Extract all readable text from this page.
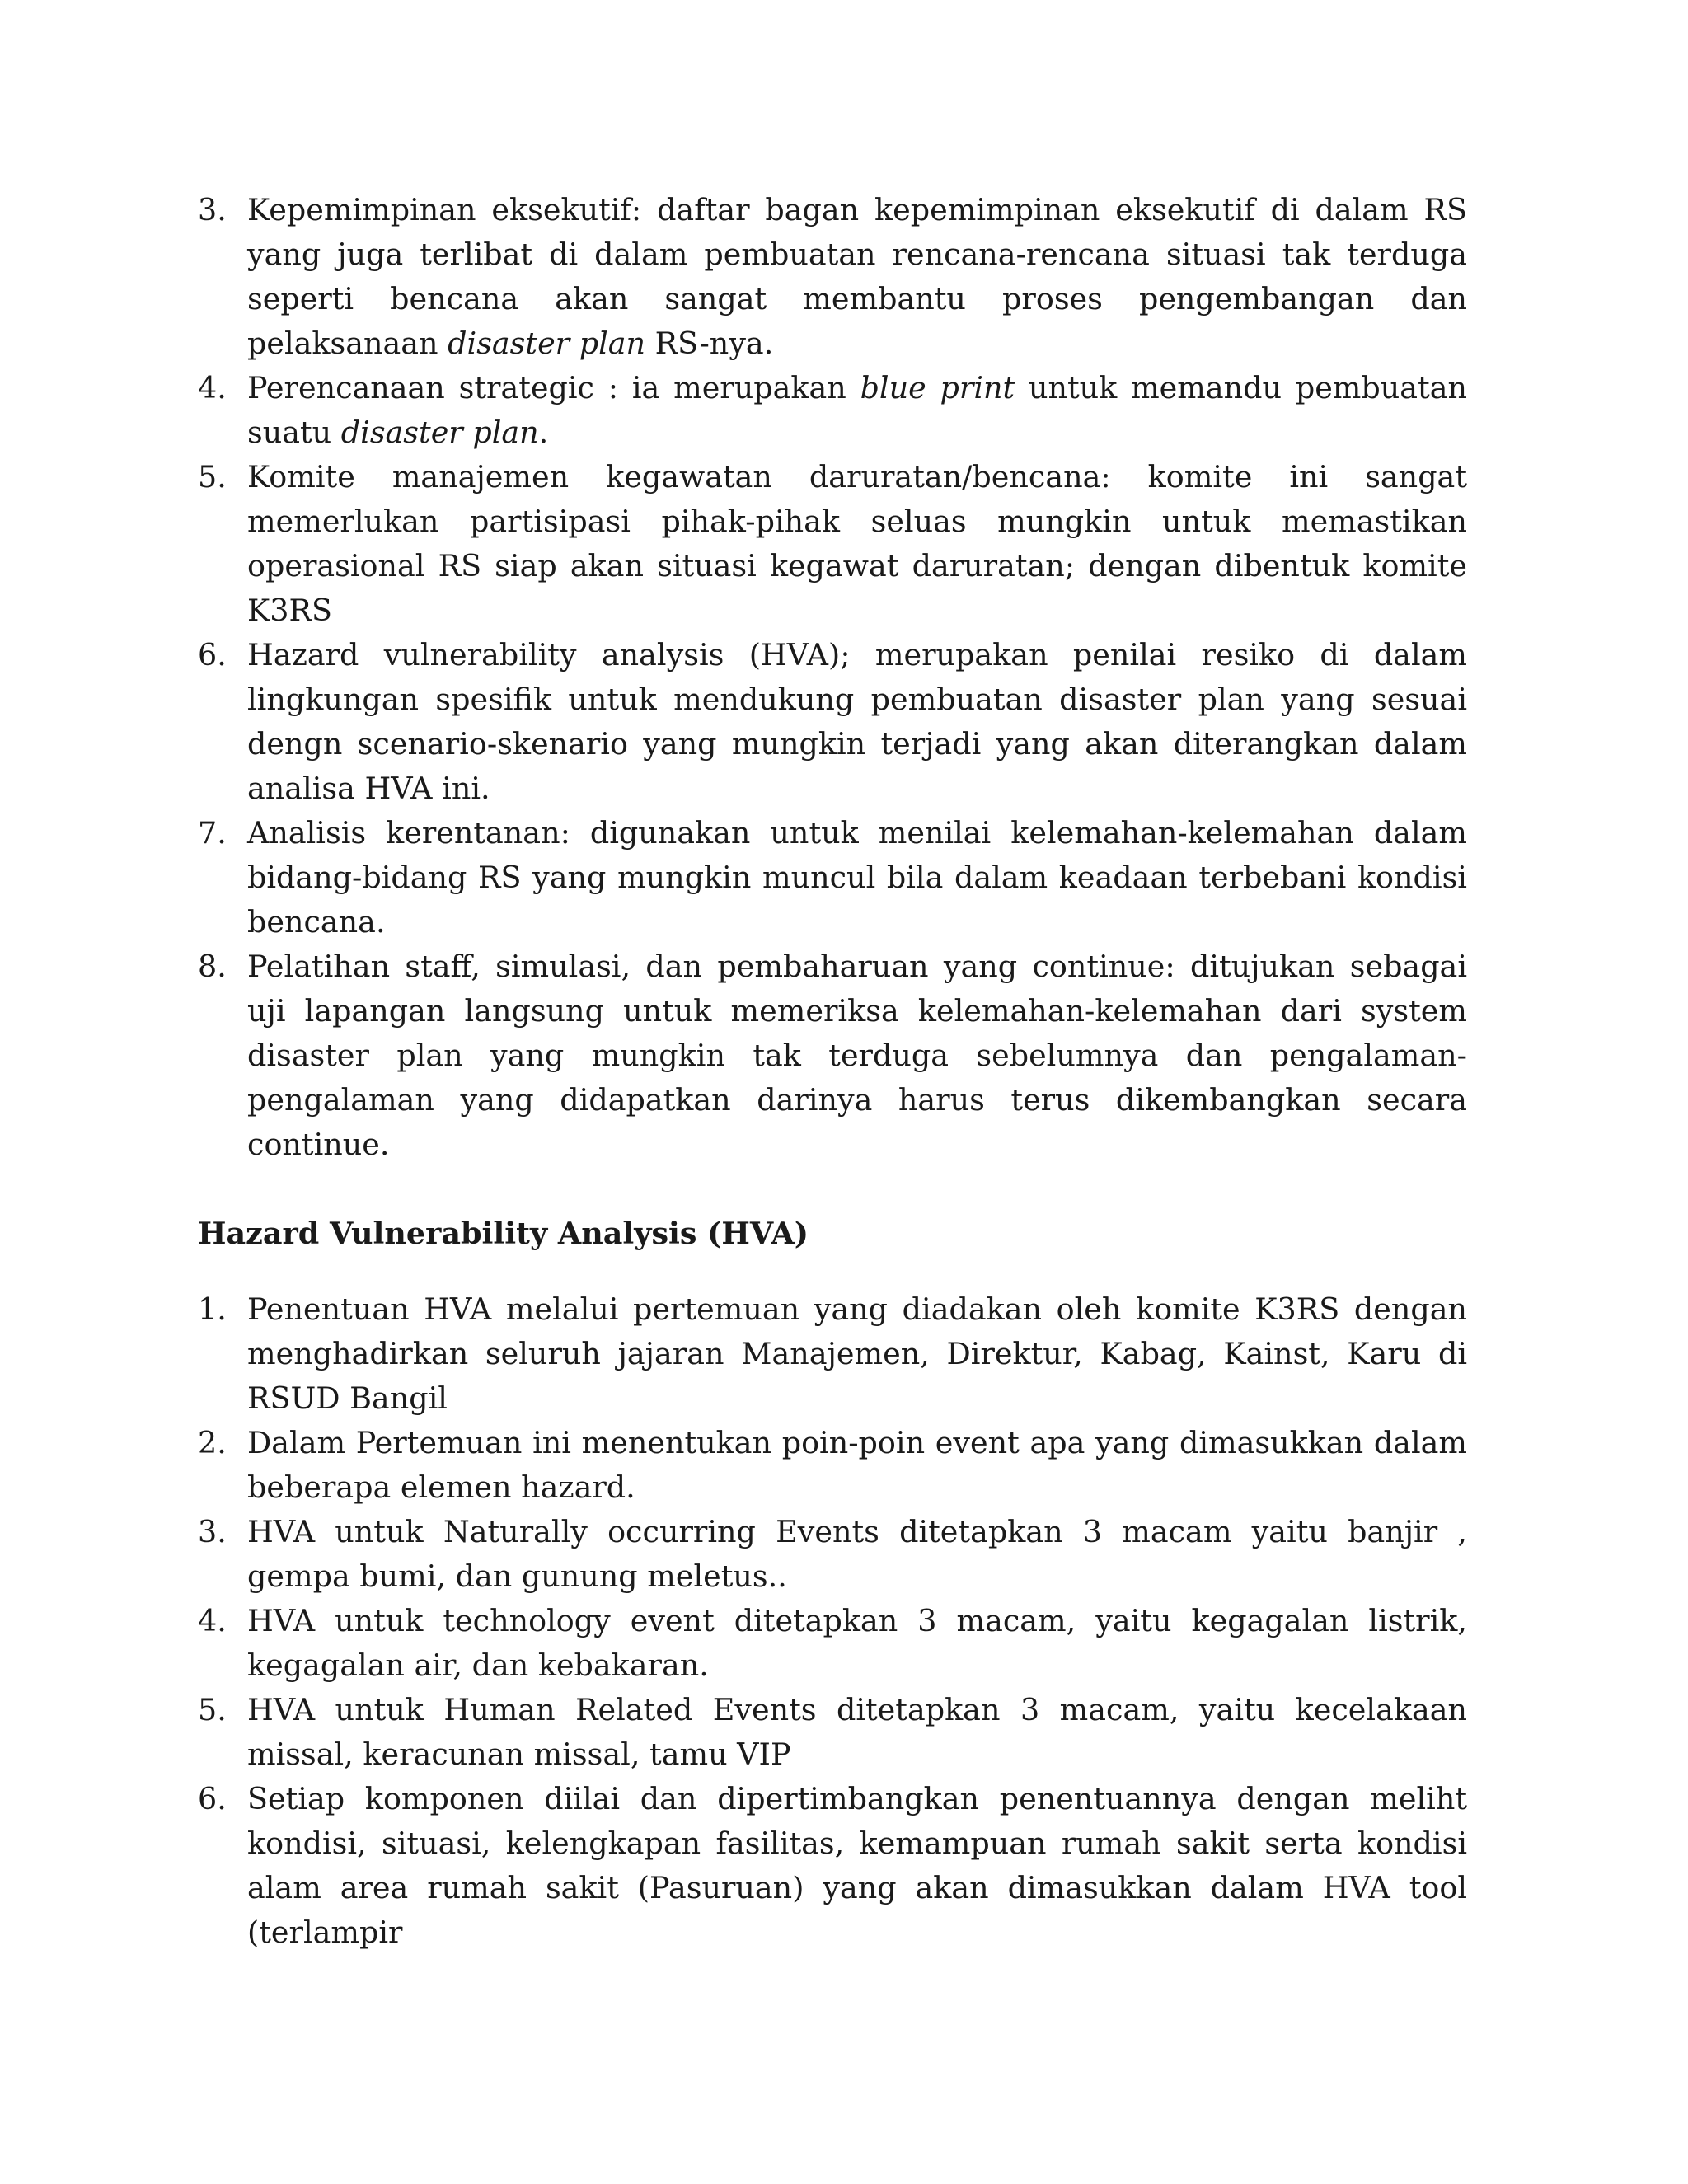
3. Kepemimpinan eksekutif: daftar bagan kepemimpinan eksekutif di dalam RS yang juga terlibat di dalam pembuatan rencana-rencana situasi tak terduga seperti bencana akan sangat membantu proses pengembangan dan pelaksanaan disaster plan RS-nya.
4. Perencanaan strategic : ia merupakan blue print untuk memandu pembuatan suatu disaster plan.
5. Komite manajemen kegawatan daruratan/bencana: komite ini sangat memerlukan partisipasi pihak-pihak seluas mungkin untuk memastikan operasional RS siap akan situasi kegawat daruratan; dengan dibentuk komite K3RS
6. Hazard vulnerability analysis (HVA); merupakan penilai resiko di dalam lingkungan spesifik untuk mendukung pembuatan disaster plan yang sesuai dengn scenario-skenario yang mungkin terjadi yang akan diterangkan dalam analisa HVA ini.
7. Analisis kerentanan: digunakan untuk menilai kelemahan-kelemahan dalam bidang-bidang RS yang mungkin muncul bila dalam keadaan terbebani kondisi bencana.
8. Pelatihan staff, simulasi, dan pembaharuan yang continue: ditujukan sebagai uji lapangan langsung untuk memeriksa kelemahan-kelemahan dari system disaster plan yang mungkin tak terduga sebelumnya dan pengalaman-pengalaman yang didapatkan darinya harus terus dikembangkan secara continue.
Hazard Vulnerability Analysis (HVA)
1. Penentuan HVA melalui pertemuan yang diadakan oleh komite K3RS dengan menghadirkan seluruh jajaran Manajemen, Direktur, Kabag, Kainst, Karu di RSUD Bangil
2. Dalam Pertemuan ini menentukan poin-poin event apa yang dimasukkan dalam beberapa elemen hazard.
3. HVA untuk Naturally occurring Events ditetapkan 3 macam yaitu banjir , gempa bumi, dan gunung meletus..
4. HVA untuk technology event ditetapkan 3 macam, yaitu kegagalan listrik, kegagalan air, dan kebakaran.
5. HVA untuk Human Related Events ditetapkan 3 macam, yaitu kecelakaan missal, keracunan missal, tamu VIP
6. Setiap komponen diilai dan dipertimbangkan penentuannya dengan meliht kondisi, situasi, kelengkapan fasilitas, kemampuan rumah sakit serta kondisi alam area rumah sakit (Pasuruan) yang akan dimasukkan dalam HVA tool (terlampir
